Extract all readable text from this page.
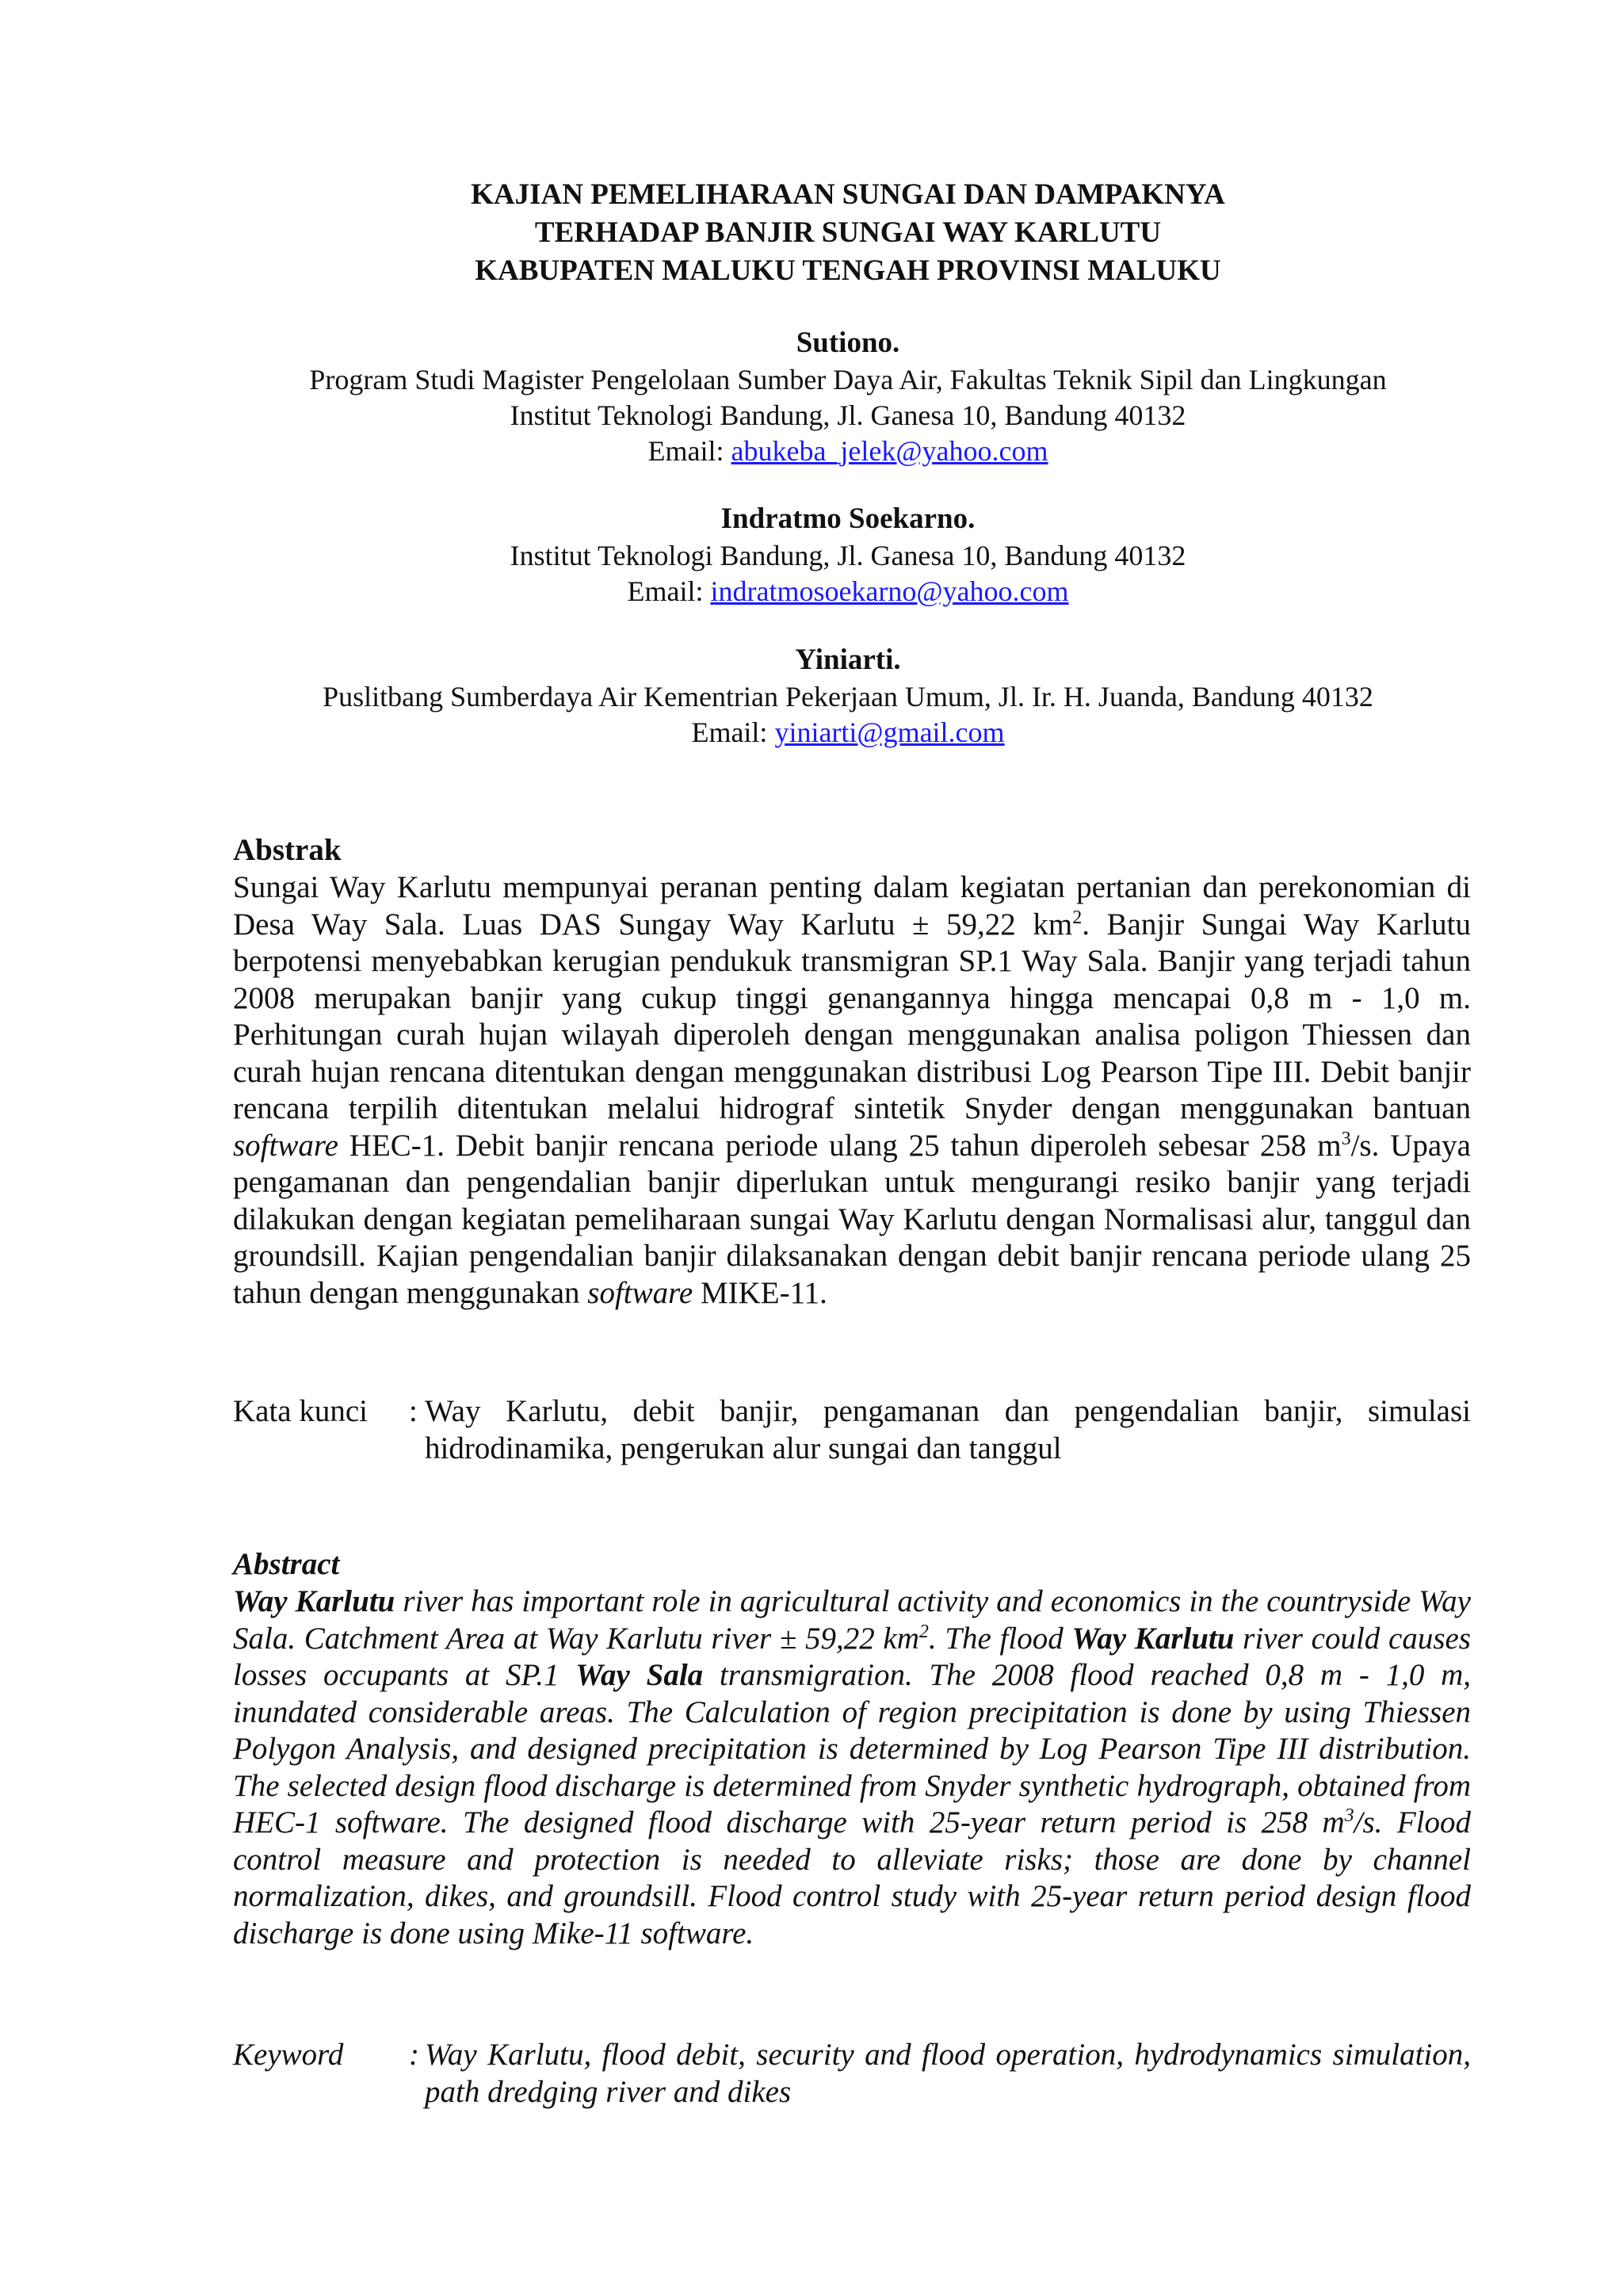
KAJIAN PEMELIHARAAN SUNGAI DAN DAMPAKNYA
TERHADAP BANJIR SUNGAI WAY KARLUTU
KABUPATEN MALUKU TENGAH PROVINSI MALUKU
Sutiono.
Program Studi Magister Pengelolaan Sumber Daya Air, Fakultas Teknik Sipil dan Lingkungan
Institut Teknologi Bandung, Jl. Ganesa 10, Bandung 40132
Email: abukeba_jelek@yahoo.com
Indratmo Soekarno.
Institut Teknologi Bandung, Jl. Ganesa 10, Bandung 40132
Email: indratmosoekarno@yahoo.com
Yiniarti.
Puslitbang Sumberdaya Air Kementrian Pekerjaan Umum, Jl. Ir. H. Juanda, Bandung 40132
Email: yiniarti@gmail.com
Abstrak
Sungai Way Karlutu mempunyai peranan penting dalam kegiatan pertanian dan perekonomian di Desa Way Sala. Luas DAS Sungay Way Karlutu ± 59,22 $km^2$. Banjir Sungai Way Karlutu berpotensi menyebabkan kerugian pendukuk transmigran SP.1 Way Sala. Banjir yang terjadi tahun 2008 merupakan banjir yang cukup tinggi genangannya hingga mencapai 0,8 m - 1,0 m. Perhitungan curah hujan wilayah diperoleh dengan menggunakan analisa poligon Thiessen dan curah hujan rencana ditentukan dengan menggunakan distribusi Log Pearson Tipe III. Debit banjir rencana terpilih ditentukan melalui hidrograf sintetik Snyder dengan menggunakan bantuan software HEC-1. Debit banjir rencana periode ulang 25 tahun diperoleh sebesar 258 $m^3/s$. Upaya pengamanan dan pengendalian banjir diperlukan untuk mengurangi resiko banjir yang terjadi dilakukan dengan kegiatan pemeliharaan sungai Way Karlutu dengan Normalisasi alur, tanggul dan groundsill. Kajian pengendalian banjir dilaksanakan dengan debit banjir rencana periode ulang 25 tahun dengan menggunakan software MIKE-11.
Kata kunci	: Way Karlutu, debit banjir, pengamanan dan pengendalian banjir, simulasi hidrodinamika, pengerukan alur sungai dan tanggul
Abstract
Way Karlutu river has important role in agricultural activity and economics in the countryside Way Sala. Catchment Area at Way Karlutu river ± 59,22 $km^2$. The flood Way Karlutu river could causes losses occupants at SP.1 Way Sala transmigration. The 2008 flood reached 0,8 m - 1,0 m, inundated considerable areas. The Calculation of region precipitation is done by using Thiessen Polygon Analysis, and designed precipitation is determined by Log Pearson Tipe III distribution. The selected design flood discharge is determined from Snyder synthetic hydrograph, obtained from HEC-1 software. The designed flood discharge with 25-year return period is 258 $m^3/s$. Flood control measure and protection is needed to alleviate risks; those are done by channel normalization, dikes, and groundsill. Flood control study with 25-year return period design flood discharge is done using Mike-11 software.
Keyword	: Way Karlutu, flood debit, security and flood operation, hydrodynamics simulation, path dredging river and dikes
